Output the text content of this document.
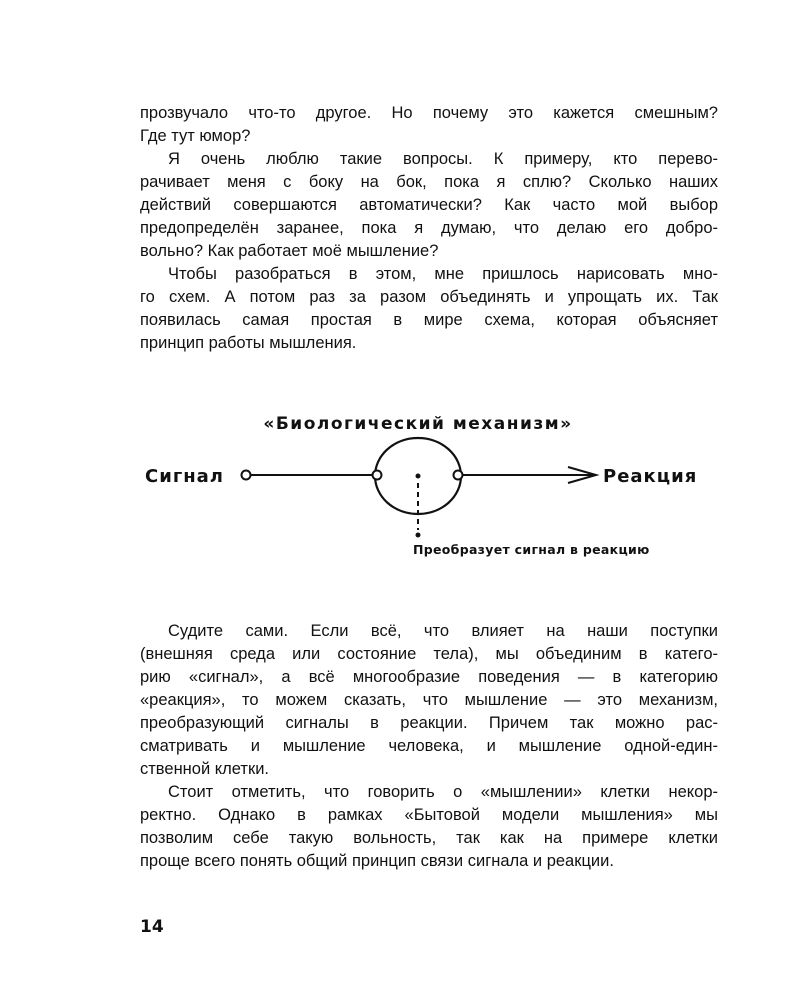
прозвучало что-то другое. Но почему это кажется смешным?
Где тут юмор?
Я очень люблю такие вопросы. К примеру, кто перево-
рачивает меня с боку на бок, пока я сплю? Сколько наших
действий совершаются автоматически? Как часто мой выбор
предопределён заранее, пока я думаю, что делаю его добро-
вольно? Как работает моё мышление?
Чтобы разобраться в этом, мне пришлось нарисовать мно-
го схем. А потом раз за разом объединять и упрощать их. Так
появилась самая простая в мире схема, которая объясняет
принцип работы мышления.
«Биологический механизм»
Сигнал	Реакция
Преобразует сигнал в реакцию
Судите сами. Если всё, что влияет на наши поступки
(внешняя среда или состояние тела), мы объединим в катего-
рию «сигнал», а всё многообразие поведения — в категорию
«реакция», то можем сказать, что мышление — это механизм,
преобразующий сигналы в реакции. Причем так можно рас-
сматривать и мышление человека, и мышление одной-един-
ственной клетки.
Стоит отметить, что говорить о «мышлении» клетки некор-
ректно. Однако в рамках «Бытовой модели мышления» мы
позволим себе такую вольность, так как на примере клетки
проще всего понять общий принцип связи сигнала и реакции.
14
